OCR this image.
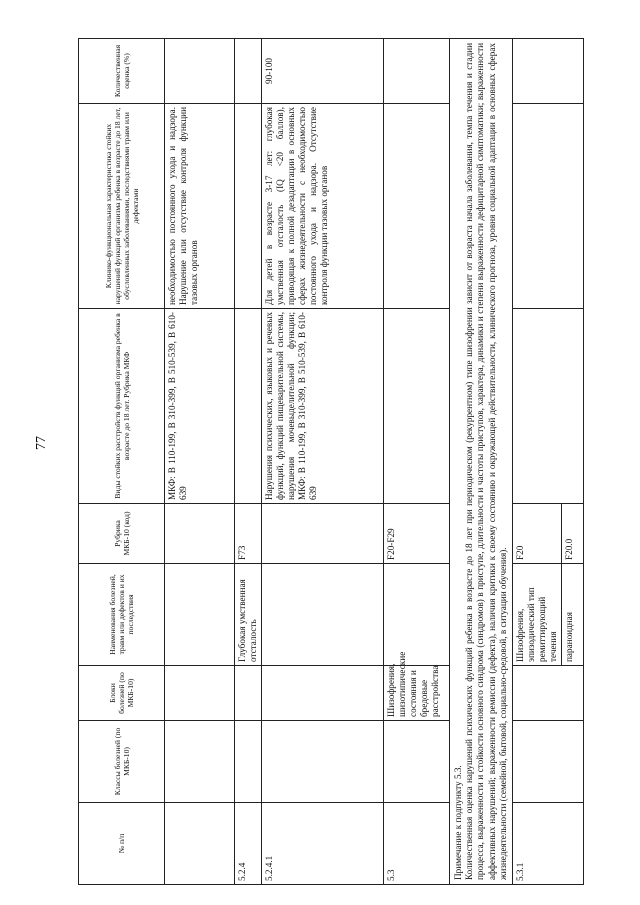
77
№ п/п	Классы болезней (по МКБ-10)	Блоки болезней (по МКБ-10)	Наименования болезней, травм или дефектов и их последствия	Рубрика МКБ-10 (код)	Виды стойких расстройств функций организма ребенка в возрасте до 18 лет. Рубрика МКФ	Клинико-функциональная характеристика стойких нарушений функций организма ребенка в возрасте до 18 лет, обусловленных заболеваниями, последствиями травм или дефектами	Количественная оценка (%)
					МКФ: В 110-199, В 310-399, В 510-539, В 610-639	необходимостью постоянного ухода и надзора. Нарушение или отсутствие контроля функции тазовых органов	
5.2.4			Глубокая умственная отсталость	F73			
5.2.4.1					Нарушения психических, языковых и речевых функций, функций пищеварительной системы, нарушения мочевыделительной функции; МКФ: В 110-199, В 310-399, В 510-539, В 610-639	Для детей в возрасте 3-17 лет: глубокая умственная отсталость (IQ <20 баллов), приводящая к полной дезадаптации в основных сферах жизнедеятельности с необходимостью постоянного ухода и надзора. Отсутствие контроля функции тазовых органов	90-100
5.3		Шизофрения, шизотипические состояния и бредовые расстройства		F20-F29			

Примечание к подпункту 5.3. Количественная оценка нарушений психических функций ребенка в возрасте до 18 лет при периодическом (рекуррентном) типе шизофрении зависит от возраста начала заболевания, темпа течения и стадии процесса, выраженности и стойкости основного синдрома (синдромов) в приступе, длительности и частоты приступов, характера, динамики и степени выраженности дефицитарной симптоматики; выраженности аффективных нарушений; выраженности ремиссии (дефекта), наличия критики к своему состоянию и окружающей действительности, клинического прогноза, уровня социальной адаптации в основных сферах жизнедеятельности (семейной, бытовой, социально-средовой, в ситуации обучения).							

5.3.1			Шизофрения, эпизодический тип ремиттирующий течения	F20			
			параноидная	F20.0			
